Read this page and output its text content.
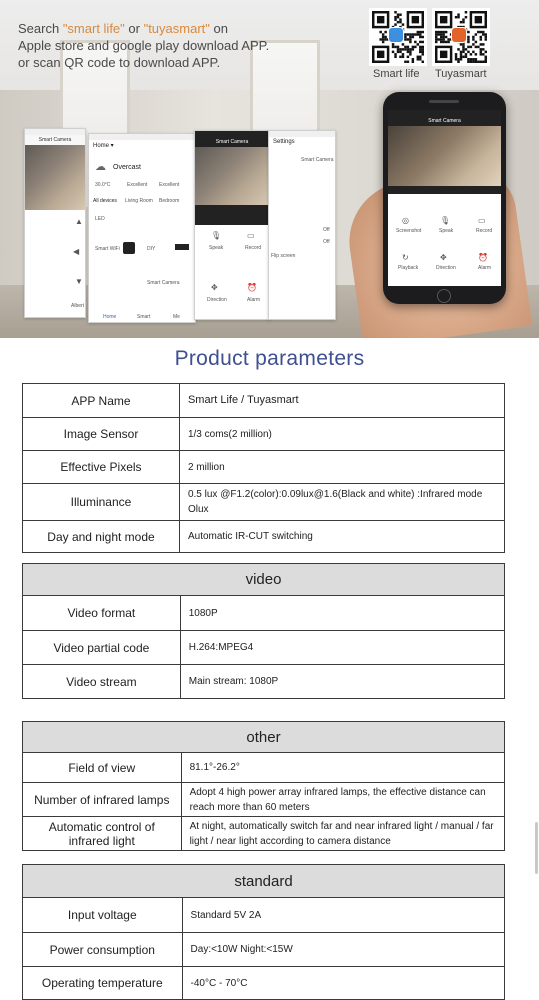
Search "smart life" or "tuyasmart" on
Apple store and google play download APP.
or scan QR code to download APP.
Smart life Tuyasmart
Smart Camera
▲
◀
▼
Albert
Home ▾
☁ Overcast
30.0°C	Excellent Excellent
All devices Living Room Bedroom
LED
Smart WiFi	DIY
Smart Camera
Home	Smart	Me
Smart Camera
🎙
Speak
▭
Record
✥
Direction
⏰
Alarm
Settings
Smart Camera
Off
Off
Flip screen
Smart Camera
◎
Screenshot
🎙
Speak
▭
Record
↻
Playback
✥
Direction
⏰
Alarm
Product parameters
APP Name	Smart Life / Tuyasmart
Image Sensor	1/3 coms(2 million)
Effective Pixels	2 million
Illuminance	0.5 lux @F1.2(color):0.09lux@1.6(Black and white) :Infrared mode Olux
Day and night mode	Automatic IR-CUT switching
video	
Video format	1080P
Video partial code	H.264:MPEG4
Video stream	Main stream: 1080P
other	
Field of view	81.1°-26.2°
Number of infrared lamps	Adopt 4 high power array infrared lamps, the effective distance can reach more than 60 meters
Automatic control of infrared light	At night, automatically switch far and near infrared light / manual / far light / near light according to camera distance
standard	
Input voltage	Standard 5V 2A
Power consumption	Day:<10W Night:<15W
Operating temperature	-40°C - 70°C
